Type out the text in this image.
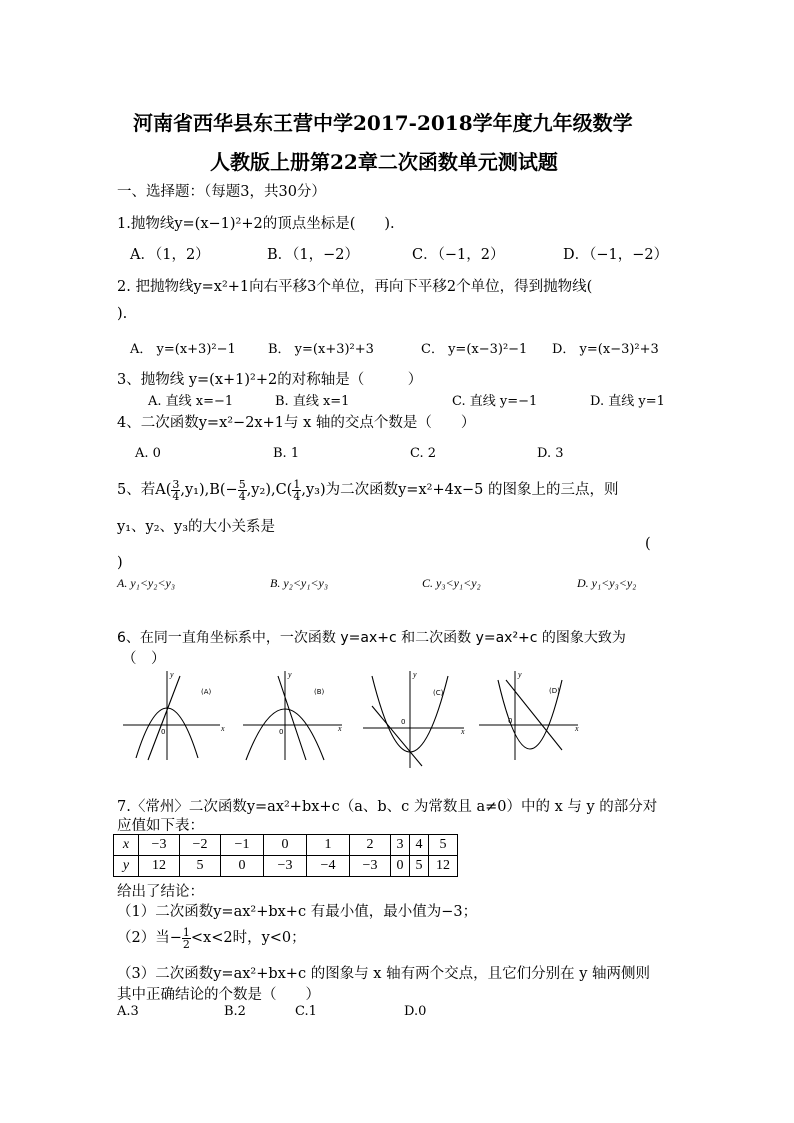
河南省西华县东王营中学2017-2018学年度九年级数学
人教版上册第22章二次函数单元测试题
一、选择题：（每题3，共30分）
1.抛物线y=(x−1)²+2的顶点坐标是(　　).
A．（1，2）	B．（1，−2）	C．（−1，2）	D．（−1，−2）
2. 把抛物线y=x²+1向右平移3个单位，再向下平移2个单位，得到抛物线(
).
A． y=(x+3)²−1 B． y=(x+3)²+3	C． y=(x−3)²−1 D． y=(x−3)²+3
3、抛物线 y=(x+1)²+2的对称轴是（　　　）
A. 直线 x=−1	B. 直线 x=1	C. 直线 y=−1	D. 直线 y=1
4、二次函数y=x²−2x+1与 x 轴的交点个数是（　　）
A. 0	B. 1	C. 2	D. 3
5、若$A( \frac{3}{4} ,y_1),B(- \frac{5}{4} ,y_2),C( \frac{1}{4} ,y_3)$为二次函数y=x²+4x−5 的图象上的三点，则
y₁、y₂、y₃的大小关系是
(
)
A. y₁<y₂<y₃	B. y₂<y₁<y₃	C. y₃<y₁<y₂	D. y₁<y₃<y₂
6、在同一直角坐标系中，一次函数 y=ax+c 和二次函数 y=ax²+c 的图象大致为
（　）
(A)
0	x
y
(B)
0	x
y
(C)
0
x
y
(D)
0
x
y
7.〈常州〉二次函数y=ax²+bx+c（a、b、c 为常数且 a≠0）中的 x 与 y 的部分对
应值如下表：
x	−3	−2	−1	0	1	2	3	4	5
y	12	5	0	−3	−4	−3	0	5	12
给出了结论：
（1）二次函数y=ax²+bx+c 有最小值，最小值为−3；
（2）当− $\frac{1}{2} <x<2$时，y<0；
（3）二次函数y=ax²+bx+c 的图象与 x 轴有两个交点，且它们分别在 y 轴两侧则
其中正确结论的个数是（　　）
A.3	B.2	C.1	D.0
